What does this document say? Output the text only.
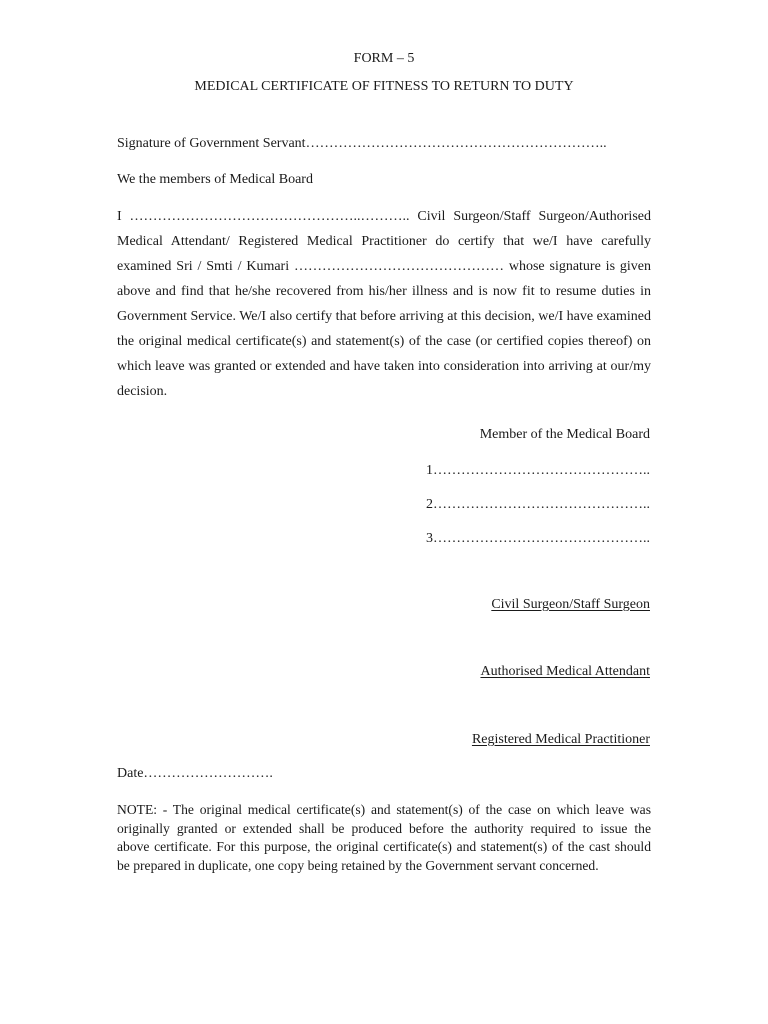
FORM – 5

MEDICAL CERTIFICATE OF FITNESS TO RETURN TO DUTY

Signature of Government Servant………………………………………………………..

We the members of Medical Board

I …………………………………………..……….. Civil Surgeon/Staff Surgeon/Authorised
Medical Attendant/ Registered Medical Practitioner do certify that we/I have carefully
examined Sri / Smti / Kumari ……………………………………… whose signature is given
above and find that he/she recovered from his/her illness and is now fit to resume duties in
Government Service. We/I also certify that before arriving at this decision, we/I have examined
the original medical certificate(s) and statement(s) of the case (or certified copies thereof) on
which leave was granted or extended and have taken into consideration into arriving at our/my
decision.

Member of the Medical Board

1………………………………………..

2………………………………………..

3………………………………………..

Civil Surgeon/Staff Surgeon

Authorised Medical Attendant

Registered Medical Practitioner

Date……………………….

NOTE: - The original medical certificate(s) and statement(s) of the case on which leave was
originally granted or extended shall be produced before the authority required to issue the
above certificate. For this purpose, the original certificate(s) and statement(s) of the cast should
be prepared in duplicate, one copy being retained by the Government servant concerned.
